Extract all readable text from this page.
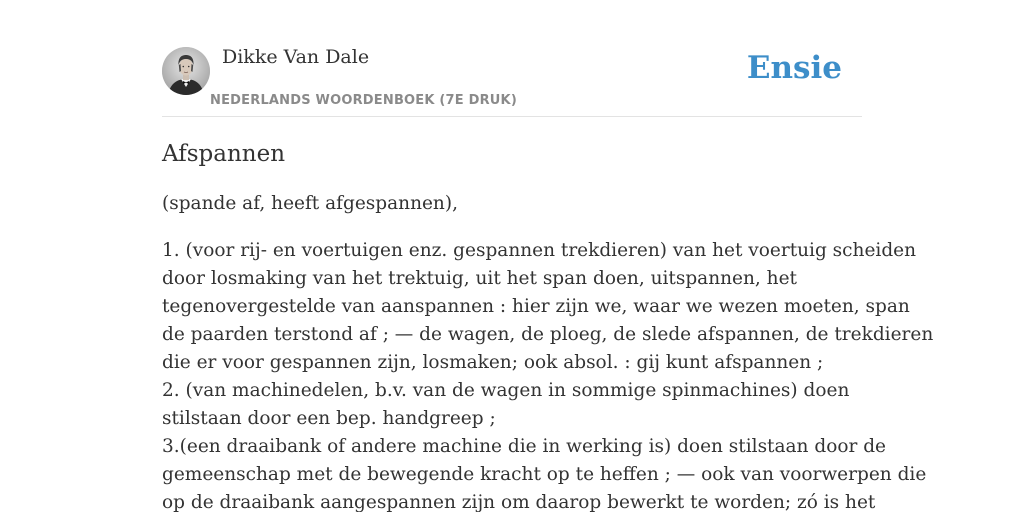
Dikke Van Dale
NEDERLANDS WOORDENBOEK (7E DRUK)
Ensie
Afspannen

(spande af, heeft afgespannen),

1. (voor rij- en voertuigen enz. gespannen trekdieren) van het voertuig scheiden
door losmaking van het trektuig, uit het span doen, uitspannen, het
tegenovergestelde van aanspannen : hier zijn we, waar we wezen moeten, span
de paarden terstond af ; — de wagen, de ploeg, de slede afspannen, de trekdieren
die er voor gespannen zijn, losmaken; ook absol. : gij kunt afspannen ;
2. (van machinedelen, b.v. van de wagen in sommige spinmachines) doen
stilstaan door een bep. handgreep ;
3.(een draaibank of andere machine die in werking is) doen stilstaan door de
gemeenschap met de bewegende kracht op te heffen ; — ook van voorwerpen die
op de draaibank aangespannen zijn om daarop bewerkt te worden; zó is het
